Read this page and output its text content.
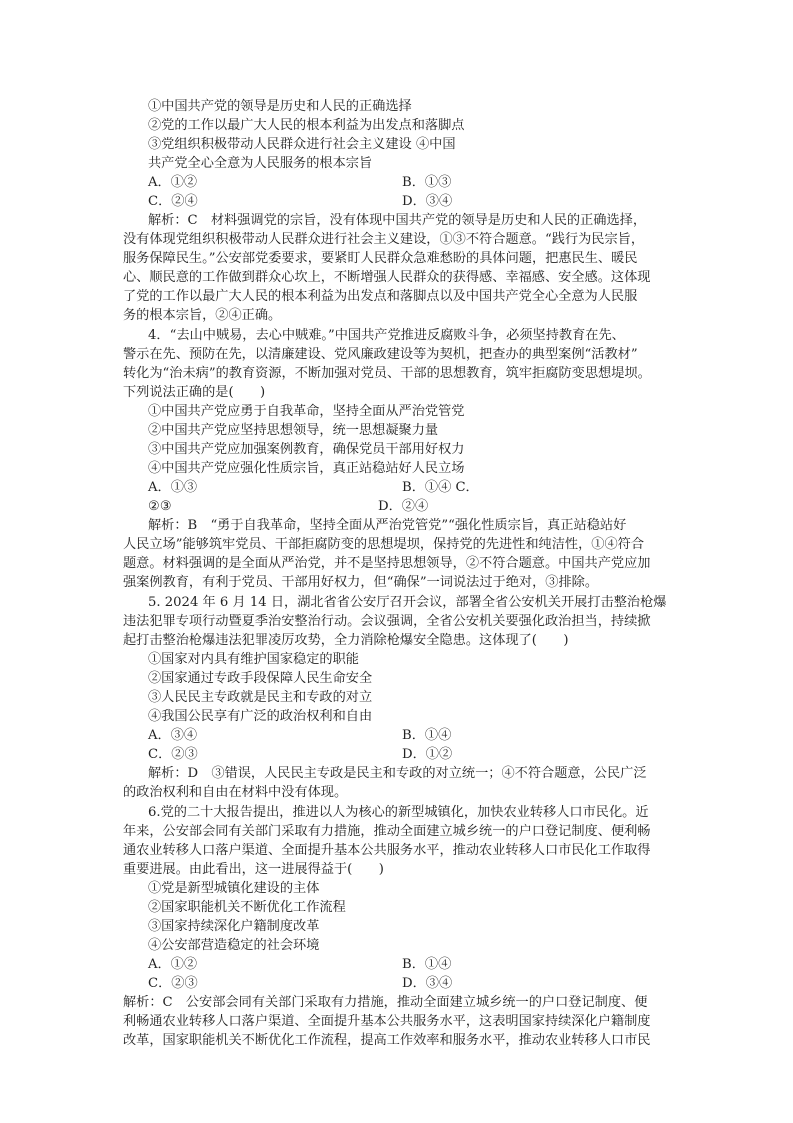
①中国共产党的领导是历史和人民的正确选择
②党的工作以最广大人民的根本利益为出发点和落脚点
③党组织积极带动人民群众进行社会主义建设 ④中国
共产党全心全意为人民服务的根本宗旨
A．①②	B．①③
C．②④	D．③④
解析：C　材料强调党的宗旨，没有体现中国共产党的领导是历史和人民的正确选择，
没有体现党组织积极带动人民群众进行社会主义建设，①③不符合题意。“践行为民宗旨，
服务保障民生。”公安部党委要求，要紧盯人民群众急难愁盼的具体问题，把惠民生、暖民
心、顺民意的工作做到群众心坎上，不断增强人民群众的获得感、幸福感、安全感。这体现
了党的工作以最广大人民的根本利益为出发点和落脚点以及中国共产党全心全意为人民服
务的根本宗旨，②④正确。
4．“去山中贼易，去心中贼难。”中国共产党推进反腐败斗争，必须坚持教育在先、
警示在先、预防在先，以清廉建设、党风廉政建设等为契机，把查办的典型案例“活教材”
转化为“治未病”的教育资源，不断加强对党员、干部的思想教育，筑牢拒腐防变思想堤坝。
下列说法正确的是(　　)
①中国共产党应勇于自我革命，坚持全面从严治党管党
②中国共产党应坚持思想领导，统一思想凝聚力量
③中国共产党应加强案例教育，确保党员干部用好权力
④中国共产党应强化性质宗旨，真正站稳站好人民立场
A．①③	B．①④ C．
②③	D．②④
解析：B　“勇于自我革命，坚持全面从严治党管党”“强化性质宗旨，真正站稳站好
人民立场”能够筑牢党员、干部拒腐防变的思想堤坝，保持党的先进性和纯洁性，①④符合
题意。材料强调的是全面从严治党，并不是坚持思想领导，②不符合题意。中国共产党应加
强案例教育，有利于党员、干部用好权力，但“确保”一词说法过于绝对，③排除。
5. 2024 年 6 月 14 日，湖北省省公安厅召开会议，部署全省公安机关开展打击整治枪爆
违法犯罪专项行动暨夏季治安整治行动。会议强调，全省公安机关要强化政治担当，持续掀
起打击整治枪爆违法犯罪凌厉攻势，全力消除枪爆安全隐患。这体现了(　　)
①国家对内具有维护国家稳定的职能
②国家通过专政手段保障人民生命安全
③人民民主专政就是民主和专政的对立
④我国公民享有广泛的政治权利和自由
A．③④	B．①④
C．②③	D．①②
解析：D　③错误，人民民主专政是民主和专政的对立统一；④不符合题意，公民广泛
的政治权利和自由在材料中没有体现。
6.党的二十大报告提出，推进以人为核心的新型城镇化，加快农业转移人口市民化。近
年来，公安部会同有关部门采取有力措施，推动全面建立城乡统一的户口登记制度、便利畅
通农业转移人口落户渠道、全面提升基本公共服务水平，推动农业转移人口市民化工作取得
重要进展。由此看出，这一进展得益于(　　)
①党是新型城镇化建设的主体
②国家职能机关不断优化工作流程
③国家持续深化户籍制度改革
④公安部营造稳定的社会环境
A．①②	B．①④
C．②③	D．③④
解析：C　公安部会同有关部门采取有力措施，推动全面建立城乡统一的户口登记制度、便
利畅通农业转移人口落户渠道、全面提升基本公共服务水平，这表明国家持续深化户籍制度
改革，国家职能机关不断优化工作流程，提高工作效率和服务水平，推动农业转移人口市民
